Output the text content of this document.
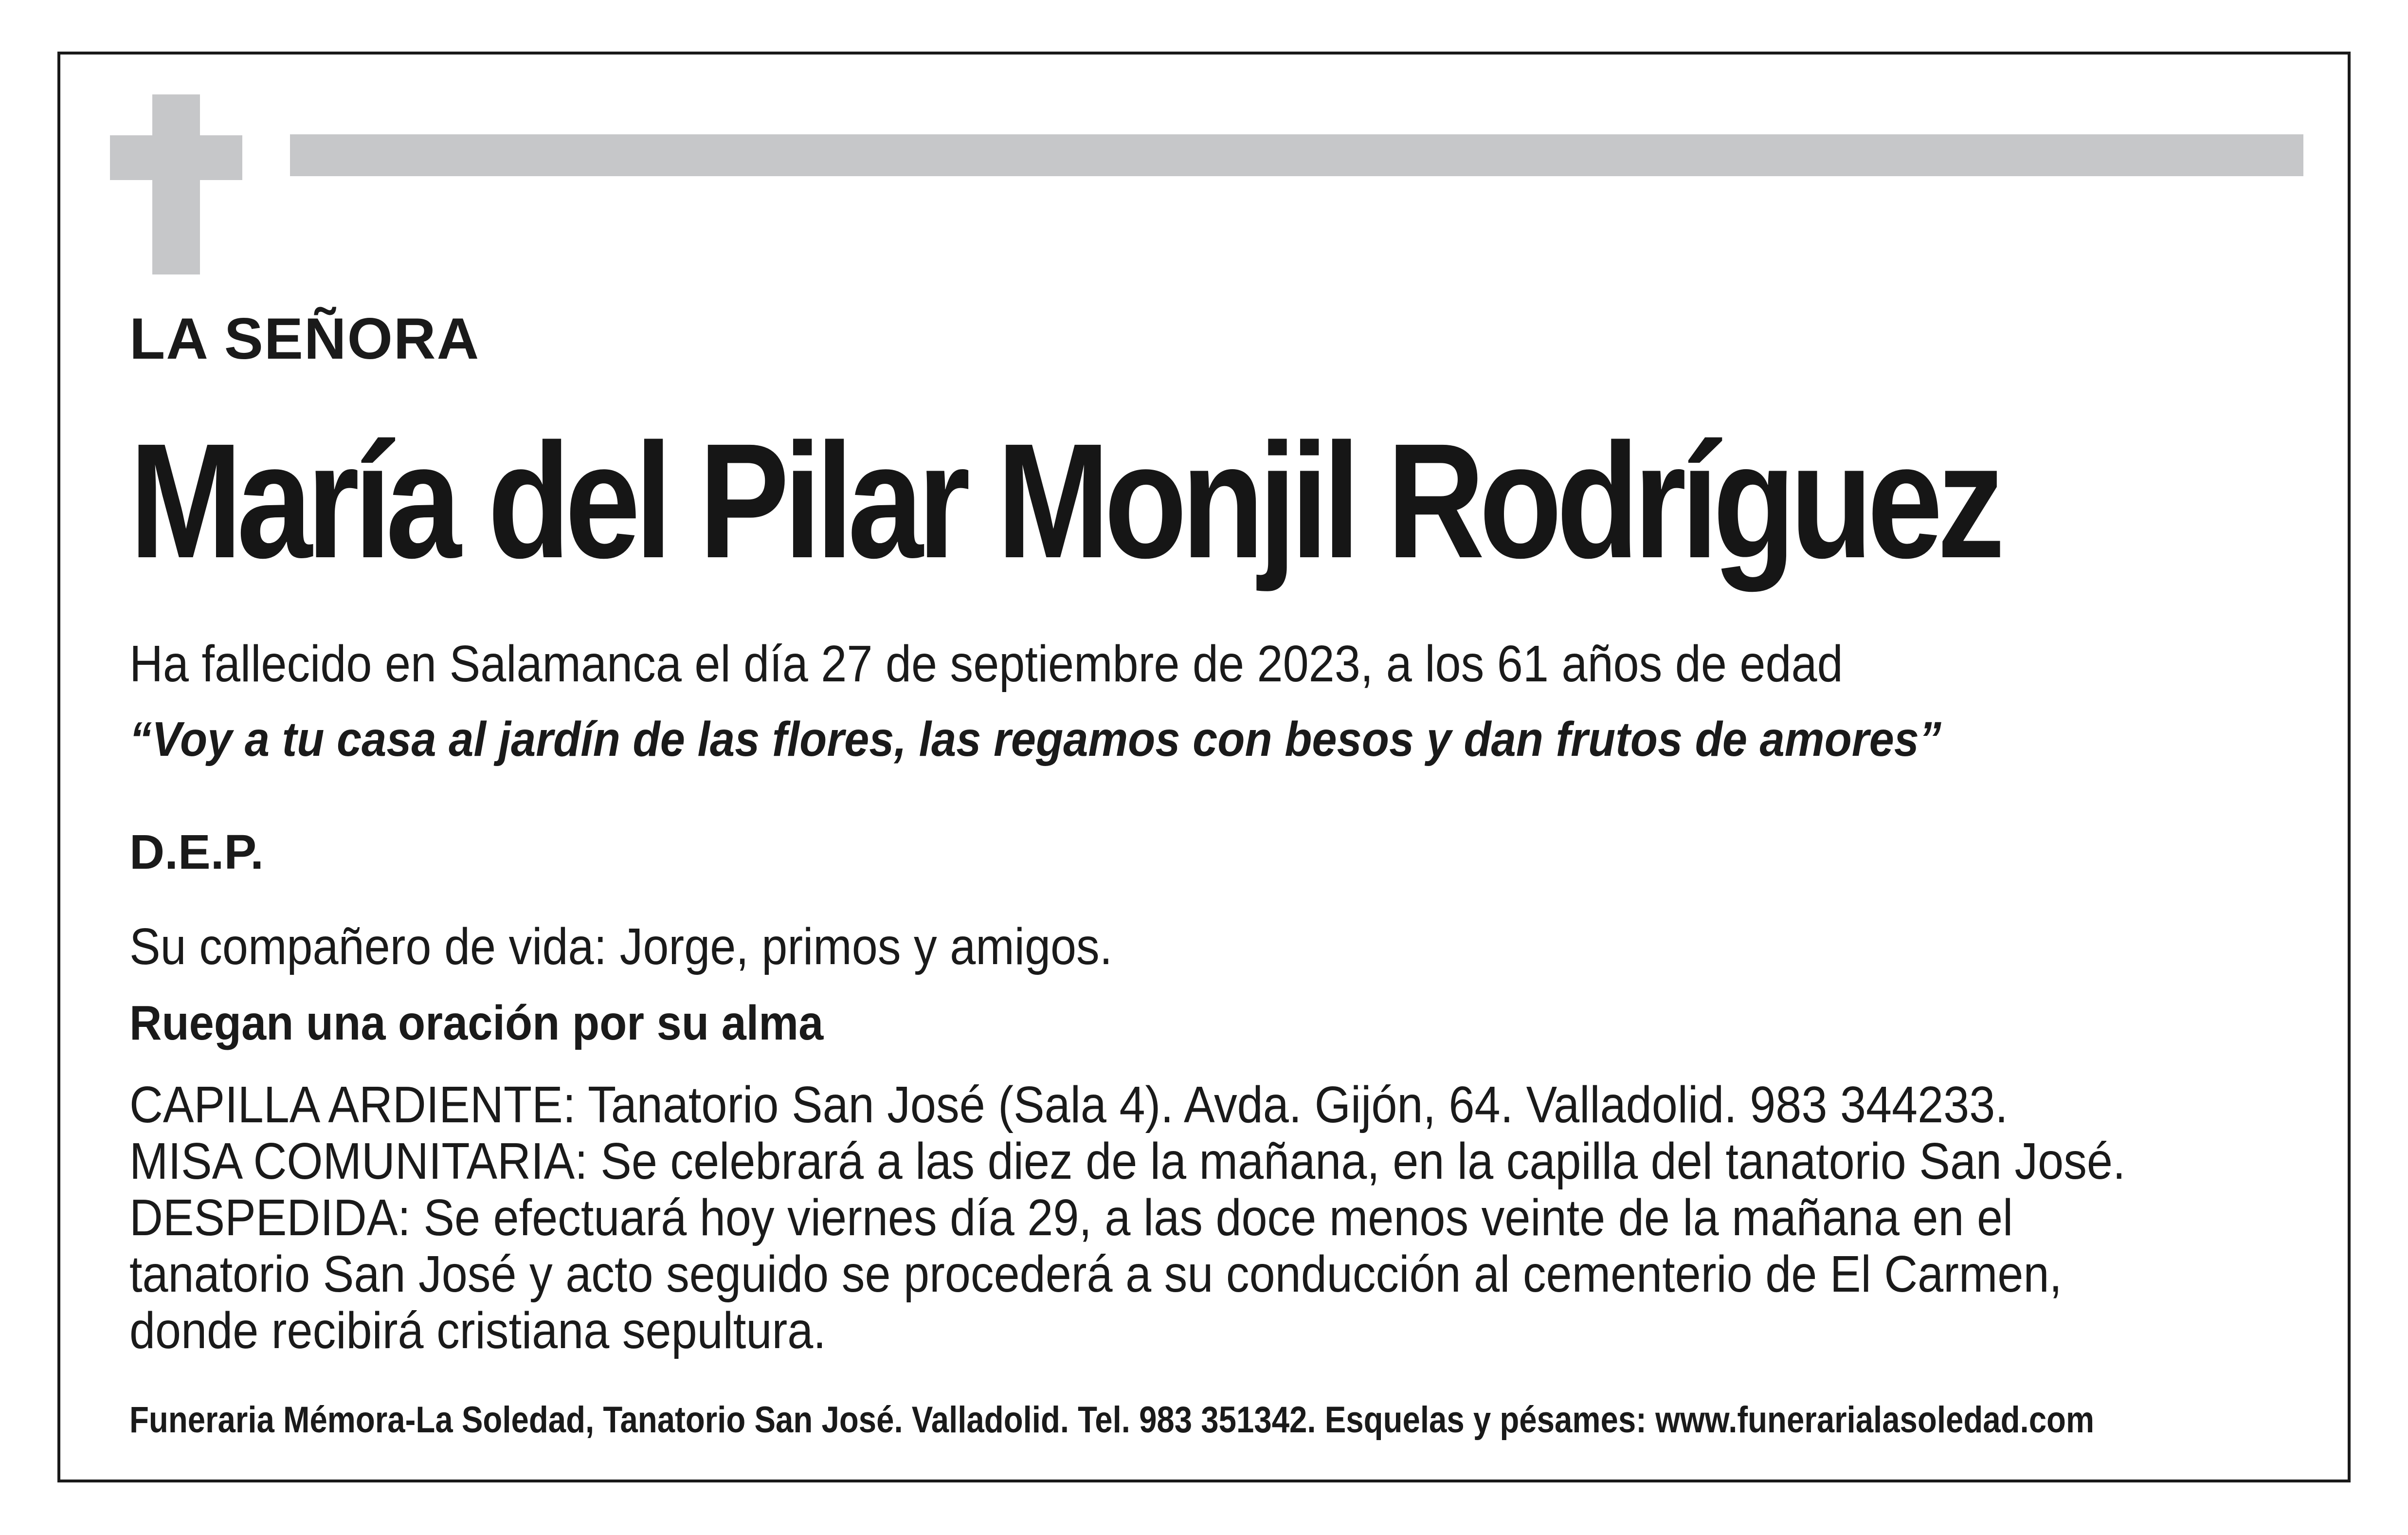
LA SEÑORA
María del Pilar Monjil Rodríguez
Ha fallecido en Salamanca el día 27 de septiembre de 2023, a los 61 años de edad
“Voy a tu casa al jardín de las flores, las regamos con besos y dan frutos de amores”
D.E.P.
Su compañero de vida: Jorge, primos y amigos.
Ruegan una oración por su alma
CAPILLA ARDIENTE: Tanatorio San José (Sala 4). Avda. Gijón, 64. Valladolid. 983 344233.
MISA COMUNITARIA: Se celebrará a las diez de la mañana, en la capilla del tanatorio San José.
DESPEDIDA: Se efectuará hoy viernes día 29, a las doce menos veinte de la mañana en el
tanatorio San José y acto seguido se procederá a su conducción al cementerio de El Carmen,
donde recibirá cristiana sepultura.
Funeraria Mémora-La Soledad, Tanatorio San José. Valladolid. Tel. 983 351342. Esquelas y pésames: www.funerarialasoledad.com
